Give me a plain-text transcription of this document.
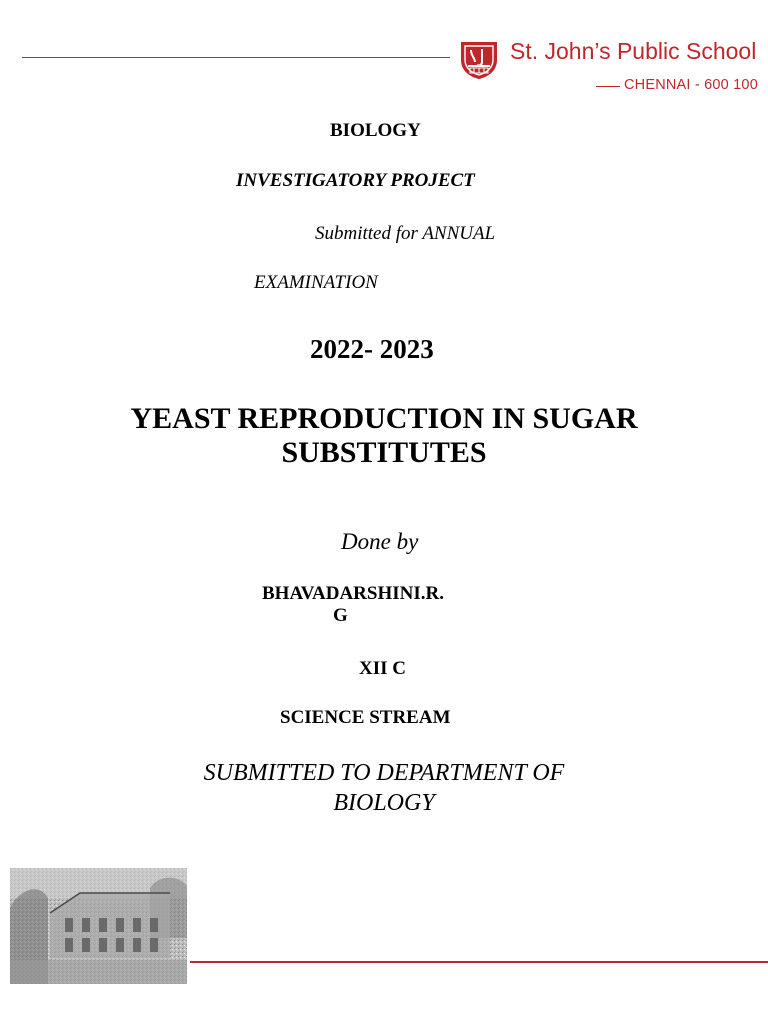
St. John’s Public School
CHENNAI - 600 100
BIOLOGY
INVESTIGATORY PROJECT
Submitted for ANNUAL
EXAMINATION
2022- 2023
YEAST REPRODUCTION IN SUGAR
SUBSTITUTES
Done by
BHAVADARSHINI.R.
G
XII C
SCIENCE STREAM
SUBMITTED TO DEPARTMENT OF
BIOLOGY
